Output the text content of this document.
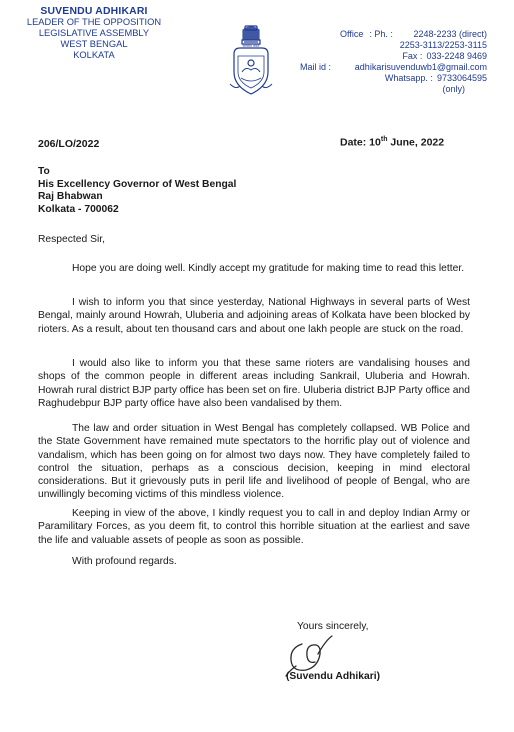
SUVENDU ADHIKARI
LEADER OF THE OPPOSITION
LEGISLATIVE ASSEMBLY
WEST BENGAL
KOLKATA
सत्यमेव जयते
Office : Ph. :	2248-2233 (direct)
2253-3113/2253-3115
Fax : 033-2248 9469
Mail id :	adhikarisuvenduwb1@gmail.com
Whatsapp. : 9733064595
(only)
206/LO/2022	Date: 10th June, 2022
To
His Excellency Governor of West Bengal
Raj Bhabwan
Kolkata - 700062
Respected Sir,
Hope you are doing well. Kindly accept my gratitude for making time to read this letter.
I wish to inform you that since yesterday, National Highways in several parts of West Bengal, mainly around Howrah, Uluberia and adjoining areas of Kolkata have been blocked by rioters. As a result, about ten thousand cars and about one lakh people are stuck on the road.
I would also like to inform you that these same rioters are vandalising houses and shops of the common people in different areas including Sankrail, Uluberia and Howrah. Howrah rural district BJP party office has been set on fire. Uluberia district BJP Party office and Raghudebpur BJP party office have also been vandalised by them.
The law and order situation in West Bengal has completely collapsed. WB Police and the State Government have remained mute spectators to the horrific play out of violence and vandalism, which has been going on for almost two days now. They have completely failed to control the situation, perhaps as a conscious decision, keeping in mind electoral considerations. But it grievously puts in peril life and livelihood of people of Bengal, who are unwillingly becoming victims of this mindless violence.
Keeping in view of the above, I kindly request you to call in and deploy Indian Army or Paramilitary Forces, as you deem fit, to control this horrible situation at the earliest and save the life and valuable assets of people as soon as possible.
With profound regards.
Yours sincerely,
(Suvendu Adhikari)
